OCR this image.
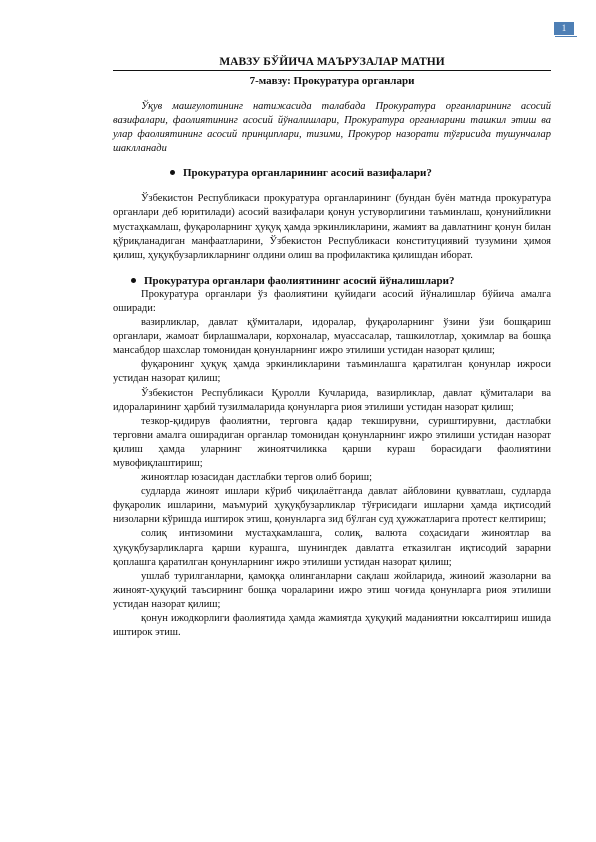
1
МАВЗУ БЎЙИЧА МАЪРУЗАЛАР МАТНИ
7-мавзу: Прокуратура органлари

Ўқув машғулотининг натижасида талабада Прокуратура органларининг асосий вазифалари, фаолиятининг асосий йўналишлари, Прокуратура органларини ташкил этиш ва улар фаолиятининг асосий принциплари, тизими, Прокурор назорати тўғрисида тушунчалар шаклланади

Прокуратура органларининг асосий вазифалари?

Ўзбекистон Республикаси прокуратура органларининг (бундан буён матнда прокуратура органлари деб юритилади) асосий вазифалари қонун устуворлигини таъминлаш, қонунийликни мустаҳкамлаш, фуқароларнинг ҳуқуқ ҳамда эркинликларини, жамият ва давлатнинг қонун билан қўриқланадиган манфаатларини, Ўзбекистон Республикаси конституциявий тузумини ҳимоя қилиш, ҳуқуқбузарликларнинг олдини олиш ва профилактика қилишдан иборат.

Прокуратура органлари фаолиятининг асосий йўналишлари?

Прокуратура органлари ўз фаолиятини қуйидаги асосий йўналишлар бўйича амалга оширади:

вазирликлар, давлат қўмиталари, идоралар, фуқароларнинг ўзини ўзи бошқариш органлари, жамоат бирлашмалари, корхоналар, муассасалар, ташкилотлар, ҳокимлар ва бошқа мансабдор шахслар томонидан қонунларнинг ижро этилиши устидан назорат қилиш;

фуқаронинг ҳуқуқ ҳамда эркинликларини таъминлашга қаратилган қонунлар ижроси устидан назорат қилиш;

Ўзбекистон Республикаси Қуролли Кучларида, вазирликлар, давлат қўмиталари ва идораларининг ҳарбий тузилмаларида қонунларга риоя этилиши устидан назорат қилиш;

тезкор-қидирув фаолиятни, терговга қадар текширувни, суриштирувни, дастлабки терговни амалга оширадиган органлар томонидан қонунларнинг ижро этилиши устидан назорат қилиш ҳамда уларнинг жиноятчиликка қарши кураш борасидаги фаолиятини мувофиқлаштириш;

жиноятлар юзасидан дастлабки тергов олиб бориш;

судларда жиноят ишлари кўриб чиқилаётганда давлат айбловини қувватлаш, судларда фуқаролик ишларини, маъмурий ҳуқуқбузарликлар тўғрисидаги ишларни ҳамда иқтисодий низоларни кўришда иштирок этиш, қонунларга зид бўлган суд ҳужжатларига протест келтириш;

солиқ интизомини мустаҳкамлашга, солиқ, валюта соҳасидаги жиноятлар ва ҳуқуқбузарликларга қарши курашга, шунингдек давлатга етказилган иқтисодий зарарни қоплашга қаратилган қонунларнинг ижро этилиши устидан назорат қилиш;

ушлаб турилганларни, қамоққа олинганларни сақлаш жойларида, жиноий жазоларни ва жиноят-ҳуқуқий таъсирнинг бошқа чораларини ижро этиш чоғида қонунларга риоя этилиши устидан назорат қилиш;

қонун ижодкорлиги фаолиятида ҳамда жамиятда ҳуқуқий маданиятни юксалтириш ишида иштирок этиш.
